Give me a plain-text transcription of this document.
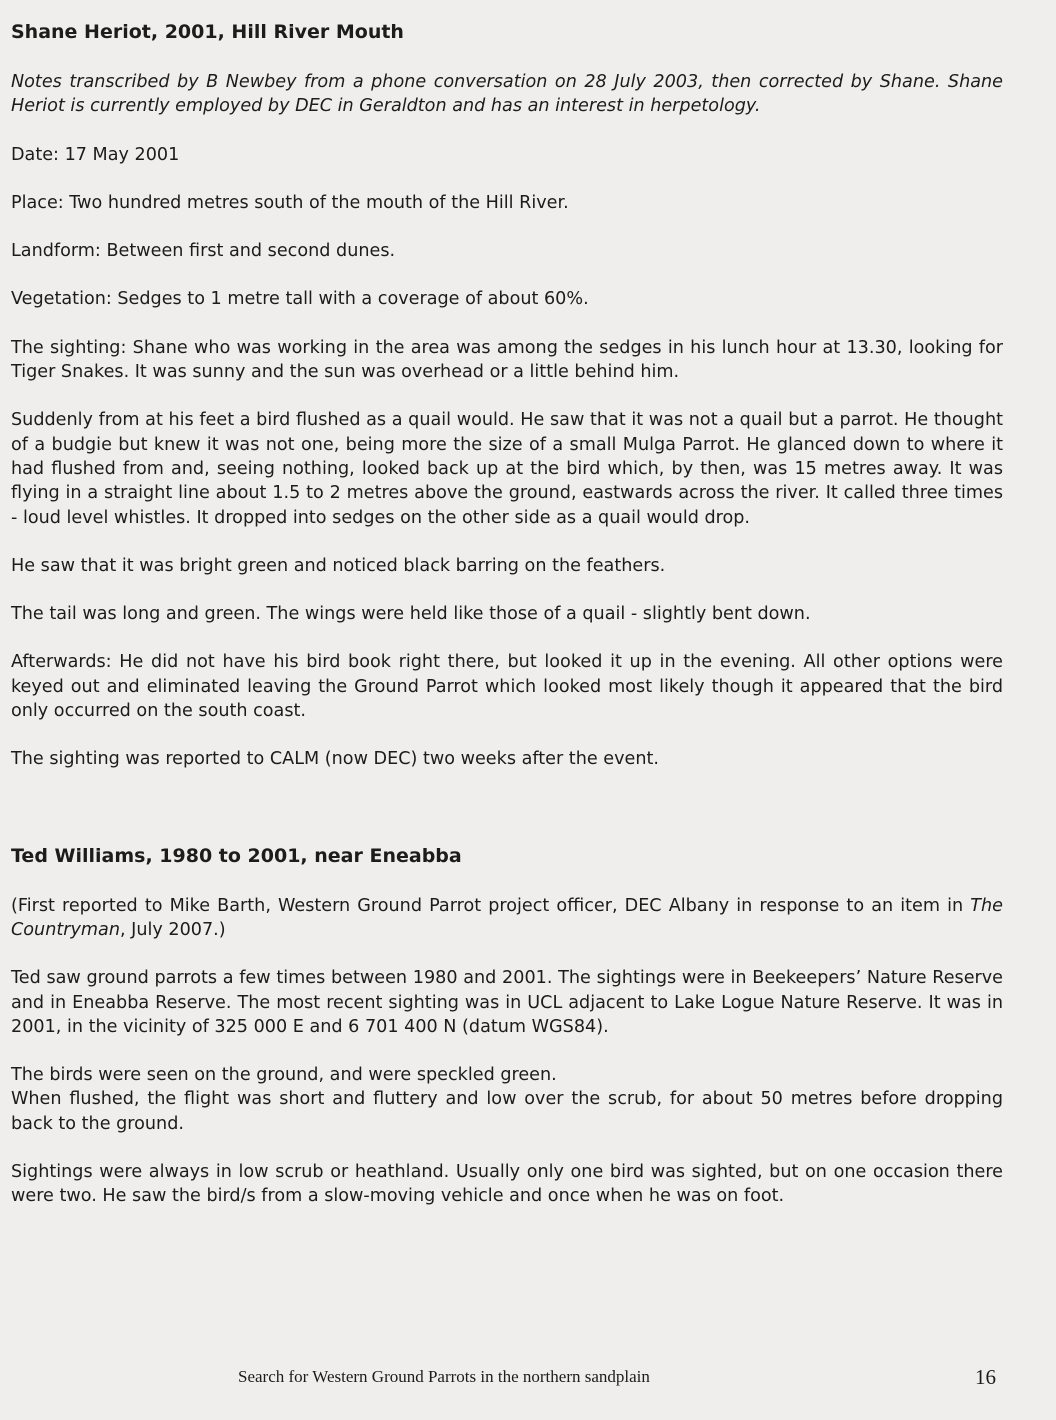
Shane Heriot, 2001, Hill River Mouth

Notes transcribed by B Newbey from a phone conversation on 28 July 2003, then corrected by Shane. Shane Heriot is currently employed by DEC in Geraldton and has an interest in herpetology.

Date: 17 May 2001

Place: Two hundred metres south of the mouth of the Hill River.

Landform: Between first and second dunes.

Vegetation: Sedges to 1 metre tall with a coverage of about 60%.

The sighting: Shane who was working in the area was among the sedges in his lunch hour at 13.30, looking for Tiger Snakes. It was sunny and the sun was overhead or a little behind him.

Suddenly from at his feet a bird flushed as a quail would. He saw that it was not a quail but a parrot. He thought of a budgie but knew it was not one, being more the size of a small Mulga Parrot. He glanced down to where it had flushed from and, seeing nothing, looked back up at the bird which, by then, was 15 metres away. It was flying in a straight line about 1.5 to 2 metres above the ground, eastwards across the river. It called three times - loud level whistles. It dropped into sedges on the other side as a quail would drop.

He saw that it was bright green and noticed black barring on the feathers.

The tail was long and green. The wings were held like those of a quail - slightly bent down.

Afterwards: He did not have his bird book right there, but looked it up in the evening. All other options were keyed out and eliminated leaving the Ground Parrot which looked most likely though it appeared that the bird only occurred on the south coast.

The sighting was reported to CALM (now DEC) two weeks after the event.

Ted Williams, 1980 to 2001, near Eneabba

(First reported to Mike Barth, Western Ground Parrot project officer, DEC Albany in response to an item in The Countryman, July 2007.)

Ted saw ground parrots a few times between 1980 and 2001. The sightings were in Beekeepers’ Nature Reserve and in Eneabba Reserve. The most recent sighting was in UCL adjacent to Lake Logue Nature Reserve. It was in 2001, in the vicinity of 325 000 E and 6 701 400 N (datum WGS84).

The birds were seen on the ground, and were speckled green.

When flushed, the flight was short and fluttery and low over the scrub, for about 50 metres before dropping back to the ground.

Sightings were always in low scrub or heathland. Usually only one bird was sighted, but on one occasion there were two. He saw the bird/s from a slow-moving vehicle and once when he was on foot.

Search for Western Ground Parrots in the northern sandplain	16
